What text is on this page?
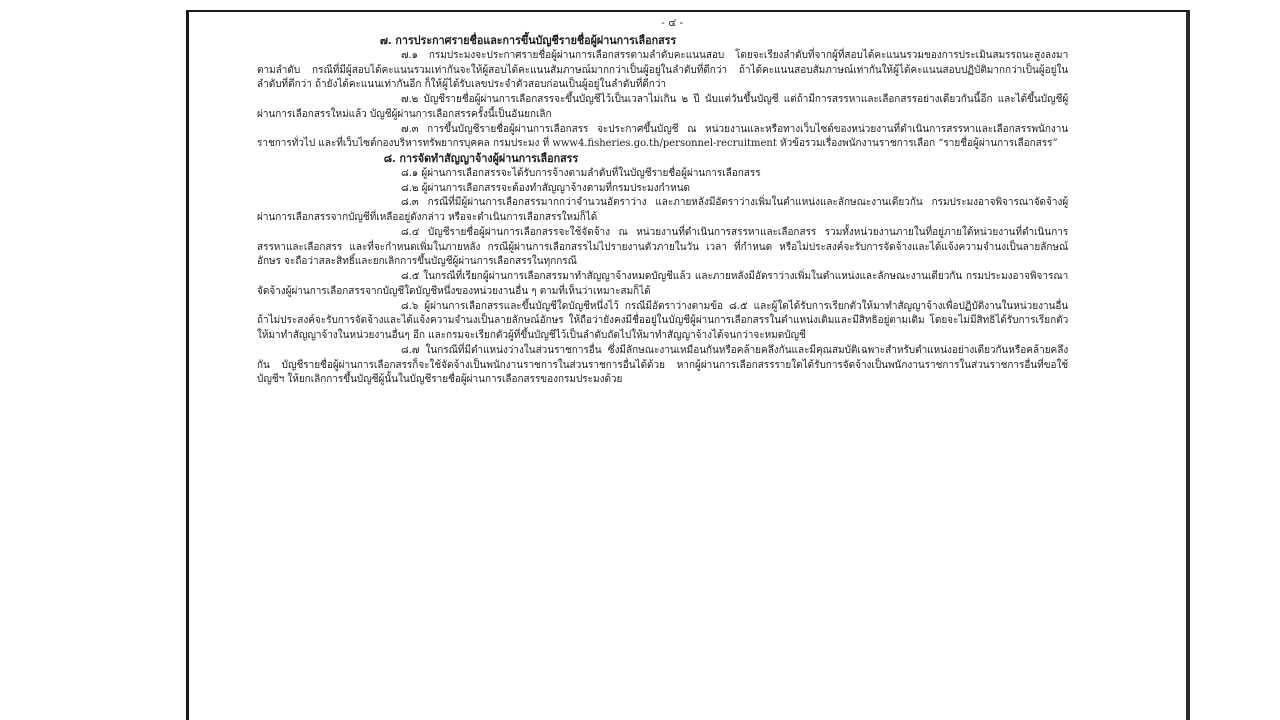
- ๔ -
๗. การประกาศรายชื่อและการขึ้นบัญชีรายชื่อผู้ผ่านการเลือกสรร

๗.๑ กรมประมงจะประกาศรายชื่อผู้ผ่านการเลือกสรรตามลำดับคะแนนสอบ โดยจะเรียงลำดับที่จากผู้ที่สอบได้คะแนนรวมของการประเมินสมรรถนะสูงลงมาตามลำดับ กรณีที่มีผู้สอบได้คะแนนรวมเท่ากันจะให้ผู้สอบได้คะแนนสัมภาษณ์มากกว่าเป็นผู้อยู่ในลำดับที่ดีกว่า ถ้าได้คะแนนสอบสัมภาษณ์เท่ากันให้ผู้ได้คะแนนสอบปฏิบัติมากกว่าเป็นผู้อยู่ในลำดับที่ดีกว่า ถ้ายังได้คะแนนเท่ากันอีก ก็ให้ผู้ได้รับเลขประจำตัวสอบก่อนเป็นผู้อยู่ในลำดับที่ดีกว่า

๗.๒ บัญชีรายชื่อผู้ผ่านการเลือกสรรจะขึ้นบัญชีไว้เป็นเวลาไม่เกิน ๒ ปี นับแต่วันขึ้นบัญชี แต่ถ้ามีการสรรหาและเลือกสรรอย่างเดียวกันนี้อีก และได้ขึ้นบัญชีผู้ผ่านการเลือกสรรใหม่แล้ว บัญชีผู้ผ่านการเลือกสรรครั้งนี้เป็นอันยกเลิก

๗.๓ การขึ้นบัญชีรายชื่อผู้ผ่านการเลือกสรร จะประกาศขึ้นบัญชี ณ หน่วยงานและหรือทางเว็บไซต์ของหน่วยงานที่ดำเนินการสรรหาและเลือกสรรพนักงานราชการทั่วไป และที่เว็บไซต์กองบริหารทรัพยากรบุคคล กรมประมง ที่ www4.fisheries.go.th/personnel-recruitment หัวข้อรวมเรื่องพนักงานราชการเลือก “รายชื่อผู้ผ่านการเลือกสรร”

๘. การจัดทำสัญญาจ้างผู้ผ่านการเลือกสรร

๘.๑ ผู้ผ่านการเลือกสรรจะได้รับการจ้างตามลำดับที่ในบัญชีรายชื่อผู้ผ่านการเลือกสรร

๘.๒ ผู้ผ่านการเลือกสรรจะต้องทำสัญญาจ้างตามที่กรมประมงกำหนด

๘.๓ กรณีที่มีผู้ผ่านการเลือกสรรมากกว่าจำนวนอัตราว่าง และภายหลังมีอัตราว่างเพิ่มในตำแหน่งและลักษณะงานเดียวกัน กรมประมงอาจพิจารณาจัดจ้างผู้ผ่านการเลือกสรรจากบัญชีที่เหลืออยู่ดังกล่าว หรือจะดำเนินการเลือกสรรใหม่ก็ได้

๘.๔ บัญชีรายชื่อผู้ผ่านการเลือกสรรจะใช้จัดจ้าง ณ หน่วยงานที่ดำเนินการสรรหาและเลือกสรร รวมทั้งหน่วยงานภายในที่อยู่ภายใต้หน่วยงานที่ดำเนินการสรรหาและเลือกสรร และที่จะกำหนดเพิ่มในภายหลัง กรณีผู้ผ่านการเลือกสรรไม่ไปรายงานตัวภายในวัน เวลา ที่กำหนด หรือไม่ประสงค์จะรับการจัดจ้างและได้แจ้งความจำนงเป็นลายลักษณ์อักษร จะถือว่าสละสิทธิ์และยกเลิกการขึ้นบัญชีผู้ผ่านการเลือกสรรในทุกกรณี

๘.๕ ในกรณีที่เรียกผู้ผ่านการเลือกสรรมาทำสัญญาจ้างหมดบัญชีแล้ว และภายหลังมีอัตราว่างเพิ่มในตำแหน่งและลักษณะงานเดียวกัน กรมประมงอาจพิจารณาจัดจ้างผู้ผ่านการเลือกสรรจากบัญชีใดบัญชีหนึ่งของหน่วยงานอื่น ๆ ตามที่เห็นว่าเหมาะสมก็ได้

๘.๖ ผู้ผ่านการเลือกสรรและขึ้นบัญชีใดบัญชีหนึ่งไว้ กรณีมีอัตราว่างตามข้อ ๘.๕ และผู้ใดได้รับการเรียกตัวให้มาทำสัญญาจ้างเพื่อปฏิบัติงานในหน่วยงานอื่น ถ้าไม่ประสงค์จะรับการจัดจ้างและได้แจ้งความจำนงเป็นลายลักษณ์อักษร ให้ถือว่ายังคงมีชื่ออยู่ในบัญชีผู้ผ่านการเลือกสรรในตำแหน่งเดิมและมีสิทธิอยู่ตามเดิม โดยจะไม่มีสิทธิได้รับการเรียกตัวให้มาทำสัญญาจ้างในหน่วยงานอื่นๆ อีก และกรมจะเรียกตัวผู้ที่ขึ้นบัญชีไว้เป็นลำดับถัดไปให้มาทำสัญญาจ้างได้จนกว่าจะหมดบัญชี

๘.๗ ในกรณีที่มีตำแหน่งว่างในส่วนราชการอื่น ซึ่งมีลักษณะงานเหมือนกันหรือคล้ายคลึงกันและมีคุณสมบัติเฉพาะสำหรับตำแหน่งอย่างเดียวกันหรือคล้ายคลึงกัน บัญชีรายชื่อผู้ผ่านการเลือกสรรก็จะใช้จัดจ้างเป็นพนักงานราชการในส่วนราชการอื่นได้ด้วย หากผู้ผ่านการเลือกสรรรายใดได้รับการจัดจ้างเป็นพนักงานราชการในส่วนราชการอื่นที่ขอใช้บัญชีฯ ให้ยกเลิกการขึ้นบัญชีผู้นั้นในบัญชีรายชื่อผู้ผ่านการเลือกสรรของกรมประมงด้วย
